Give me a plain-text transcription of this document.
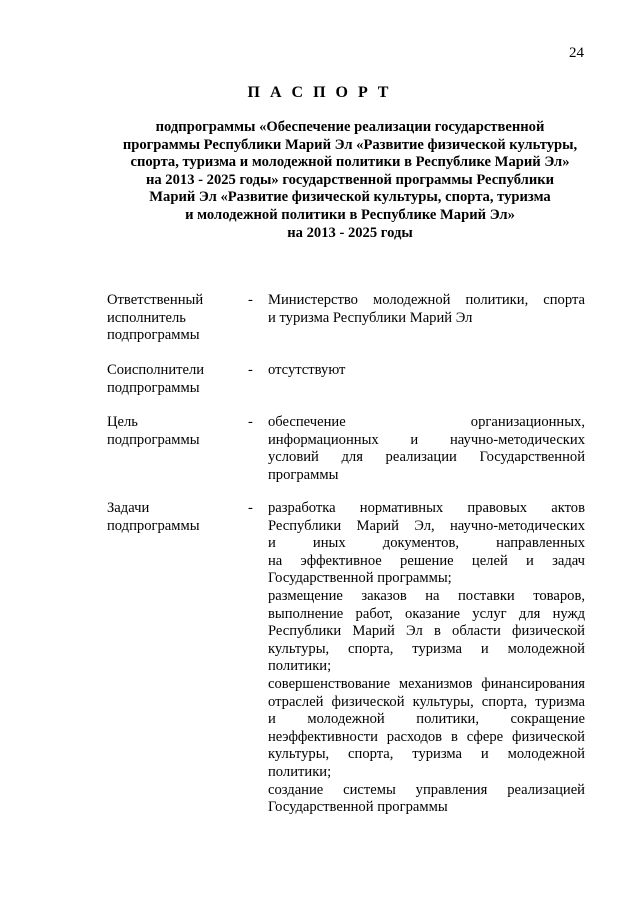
24
П А С П О Р Т
подпрограммы «Обеспечение реализации государственной
программы Республики Марий Эл «Развитие физической культуры,
спорта, туризма и молодежной политики в Республике Марий Эл»
на 2013 - 2025 годы» государственной программы Республики
Марий Эл «Развитие физической культуры, спорта, туризма
и молодежной политики в Республике Марий Эл»
на 2013 - 2025 годы
Ответственный
исполнитель
подпрограммы
- Министерство молодежной политики, спорта
и туризма Республики Марий Эл
Соисполнители
подпрограммы
- отсутствуют
Цель
подпрограммы
- обеспечение организационных,
информационных и научно-методических
условий для реализации Государственной
программы
Задачи
подпрограммы
- разработка нормативных правовых актов
Республики Марий Эл, научно-методических
и иных документов, направленных
на эффективное решение целей и задач
Государственной программы;
размещение заказов на поставки товаров,
выполнение работ, оказание услуг для нужд
Республики Марий Эл в области физической
культуры, спорта, туризма и молодежной
политики;
совершенствование механизмов финансирования
отраслей физической культуры, спорта, туризма
и молодежной политики, сокращение
неэффективности расходов в сфере физической
культуры, спорта, туризма и молодежной
политики;
создание системы управления реализацией
Государственной программы
